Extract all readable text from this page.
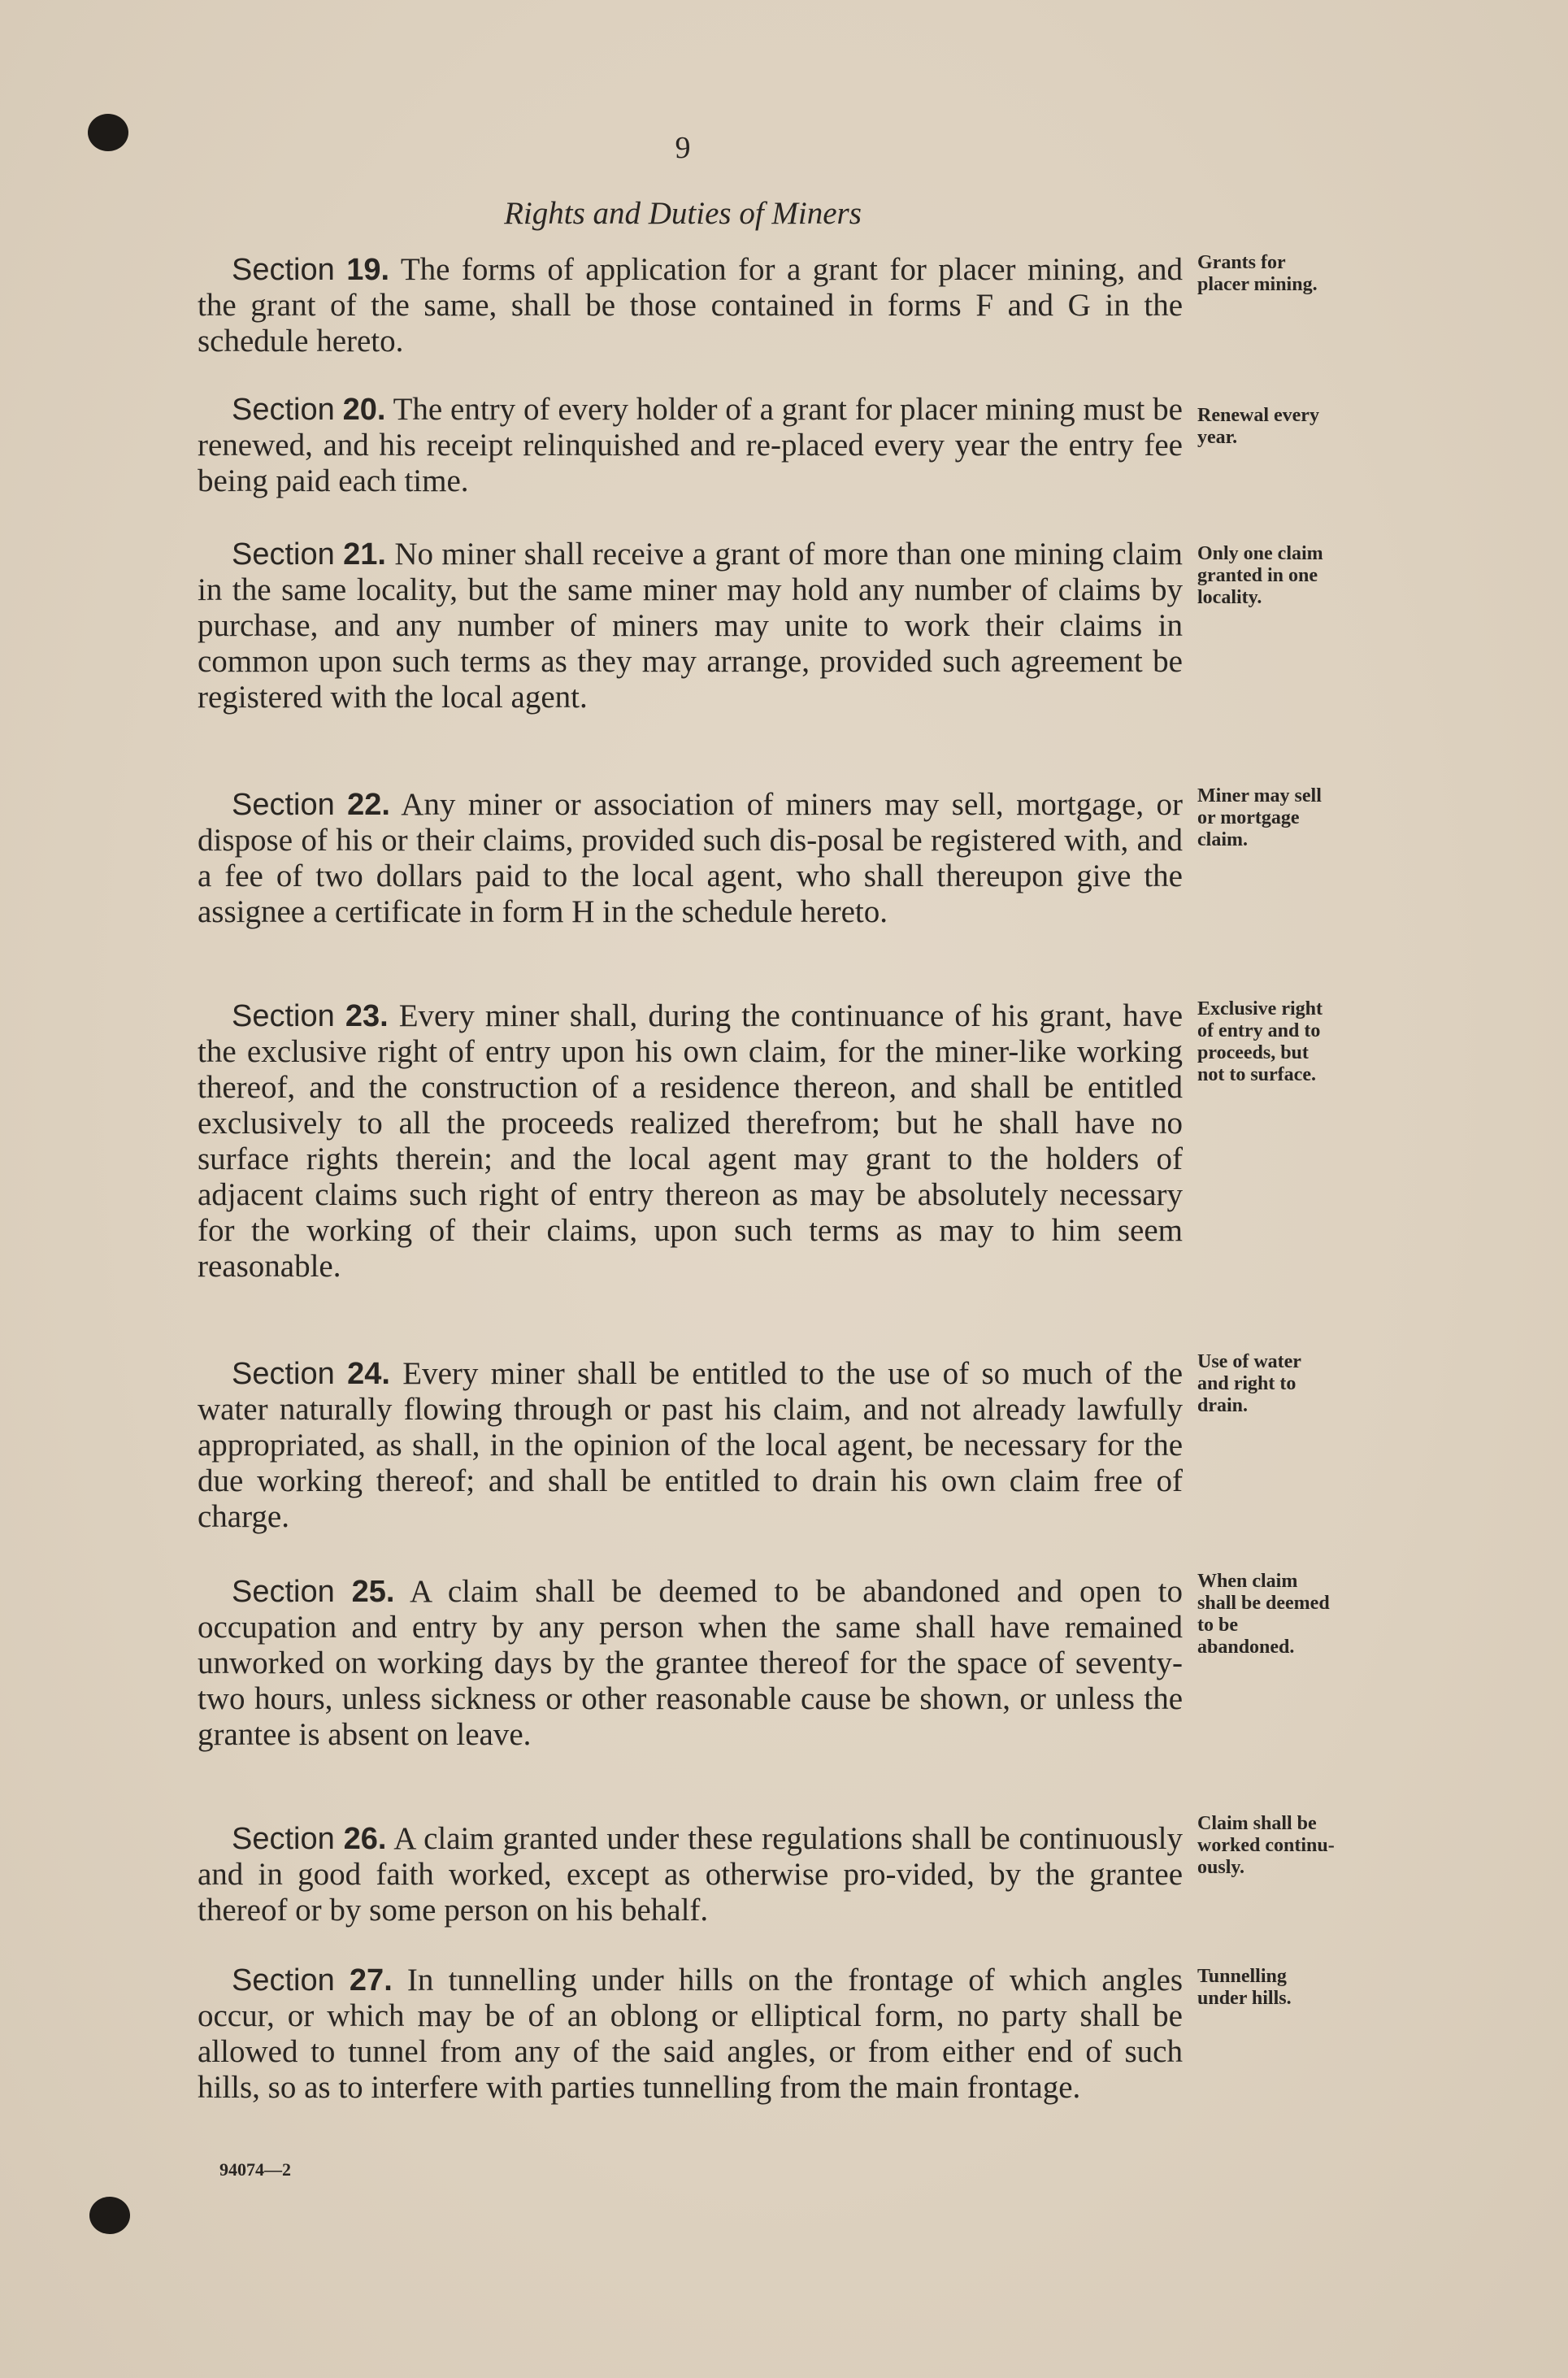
9
Rights and Duties of Miners

Section 19. The forms of application for a grant for placer mining, and the grant of the same, shall be those contained in forms F and G in the schedule hereto.

Grants for placer mining.

Section 20. The entry of every holder of a grant for placer mining must be renewed, and his receipt relinquished and re-placed every year the entry fee being paid each time.

Renewal every year.

Section 21. No miner shall receive a grant of more than one mining claim in the same locality, but the same miner may hold any number of claims by purchase, and any number of miners may unite to work their claims in common upon such terms as they may arrange, provided such agreement be registered with the local agent.

Only one claim granted in one locality.

Section 22. Any miner or association of miners may sell, mortgage, or dispose of his or their claims, provided such dis-posal be registered with, and a fee of two dollars paid to the local agent, who shall thereupon give the assignee a certificate in form H in the schedule hereto.

Miner may sell or mortgage claim.

Section 23. Every miner shall, during the continuance of his grant, have the exclusive right of entry upon his own claim, for the miner-like working thereof, and the construction of a residence thereon, and shall be entitled exclusively to all the proceeds realized therefrom; but he shall have no surface rights therein; and the local agent may grant to the holders of adjacent claims such right of entry thereon as may be absolutely necessary for the working of their claims, upon such terms as may to him seem reasonable.

Exclusive right of entry and to proceeds, but not to surface.

Section 24. Every miner shall be entitled to the use of so much of the water naturally flowing through or past his claim, and not already lawfully appropriated, as shall, in the opinion of the local agent, be necessary for the due working thereof; and shall be entitled to drain his own claim free of charge.

Use of water and right to drain.

Section 25. A claim shall be deemed to be abandoned and open to occupation and entry by any person when the same shall have remained unworked on working days by the grantee thereof for the space of seventy-two hours, unless sickness or other reasonable cause be shown, or unless the grantee is absent on leave.

When claim shall be deemed to be abandoned.

Section 26. A claim granted under these regulations shall be continuously and in good faith worked, except as otherwise pro-vided, by the grantee thereof or by some person on his behalf.

Claim shall be worked continu-ously.

Section 27. In tunnelling under hills on the frontage of which angles occur, or which may be of an oblong or elliptical form, no party shall be allowed to tunnel from any of the said angles, or from either end of such hills, so as to interfere with parties tunnelling from the main frontage.

Tunnelling under hills.
94074—2
